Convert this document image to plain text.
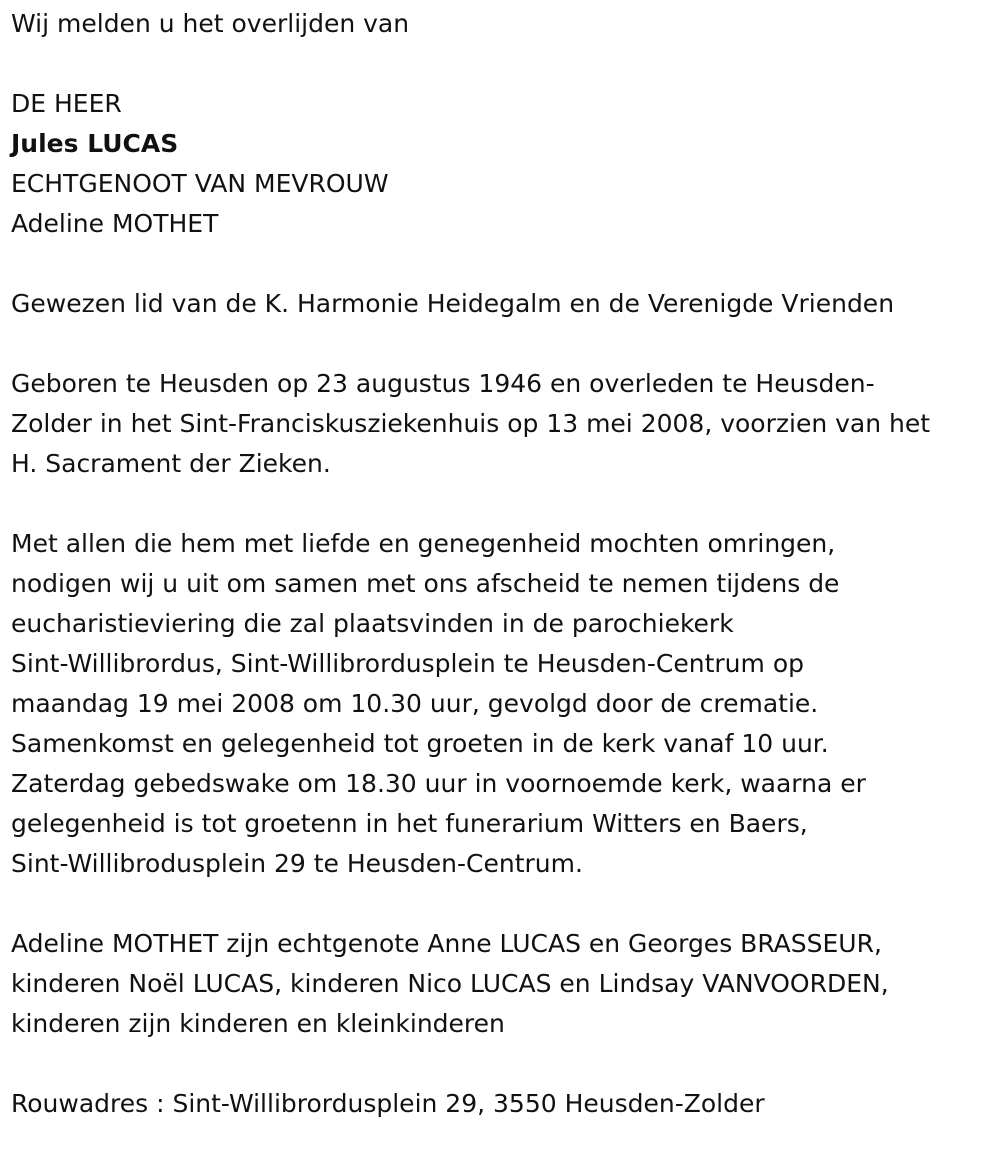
Wij melden u het overlijden van

DE HEER

Jules LUCAS

ECHTGENOOT VAN MEVROUW

Adeline MOTHET

Gewezen lid van de K. Harmonie Heidegalm en de Verenigde Vrienden

Geboren te Heusden op 23 augustus 1946 en overleden te Heusden-

Zolder in het Sint-Franciskusziekenhuis op 13 mei 2008, voorzien van het

H. Sacrament der Zieken.

Met allen die hem met liefde en genegenheid mochten omringen,

nodigen wij u uit om samen met ons afscheid te nemen tijdens de

eucharistieviering die zal plaatsvinden in de parochiekerk

Sint-Willibrordus, Sint-Willibrordusplein te Heusden-Centrum op

maandag 19 mei 2008 om 10.30 uur, gevolgd door de crematie.

Samenkomst en gelegenheid tot groeten in de kerk vanaf 10 uur.

Zaterdag gebedswake om 18.30 uur in voornoemde kerk, waarna er

gelegenheid is tot groetenn in het funerarium Witters en Baers,

Sint-Willibrodusplein 29 te Heusden-Centrum.

Adeline MOTHET zijn echtgenote Anne LUCAS en Georges BRASSEUR,

kinderen Noël LUCAS, kinderen Nico LUCAS en Lindsay VANVOORDEN,

kinderen zijn kinderen en kleinkinderen

Rouwadres : Sint-Willibrordusplein 29, 3550 Heusden-Zolder
